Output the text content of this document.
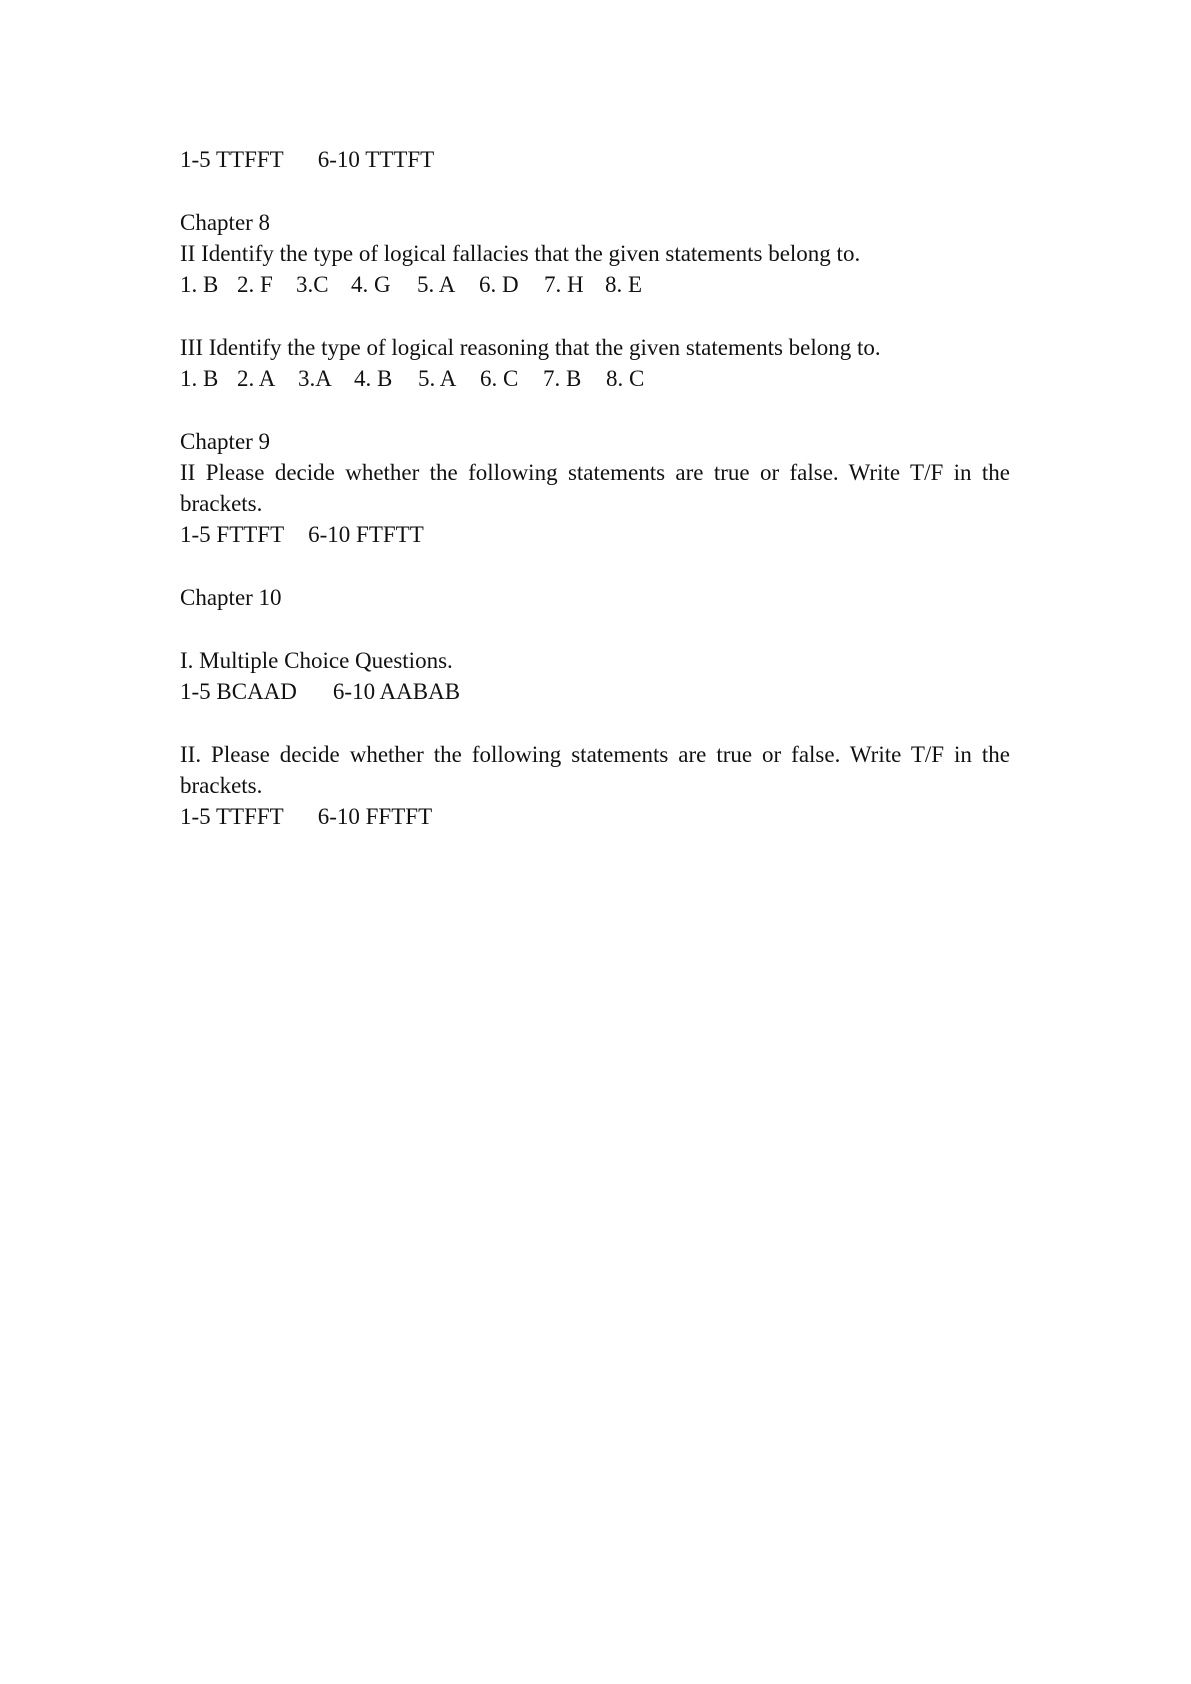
1-5 TTFFT 6-10 TTTFT
Chapter 8
II Identify the type of logical fallacies that the given statements belong to.
1. B 2. F	3.C 4. G	5. A	6. D	7. H 8. E
III Identify the type of logical reasoning that the given statements belong to.
1. B 2. A 3.A 4. B	5. A	6. C	7. B	8. C
Chapter 9
II Please decide whether the following statements are true or false. Write T/F in the brackets.
1-5 FTTFT 6-10 FTFTT
Chapter 10
I. Multiple Choice Questions.
1-5 BCAAD 6-10 AABAB
II. Please decide whether the following statements are true or false. Write T/F in the brackets.
1-5 TTFFT 6-10 FFTFT
